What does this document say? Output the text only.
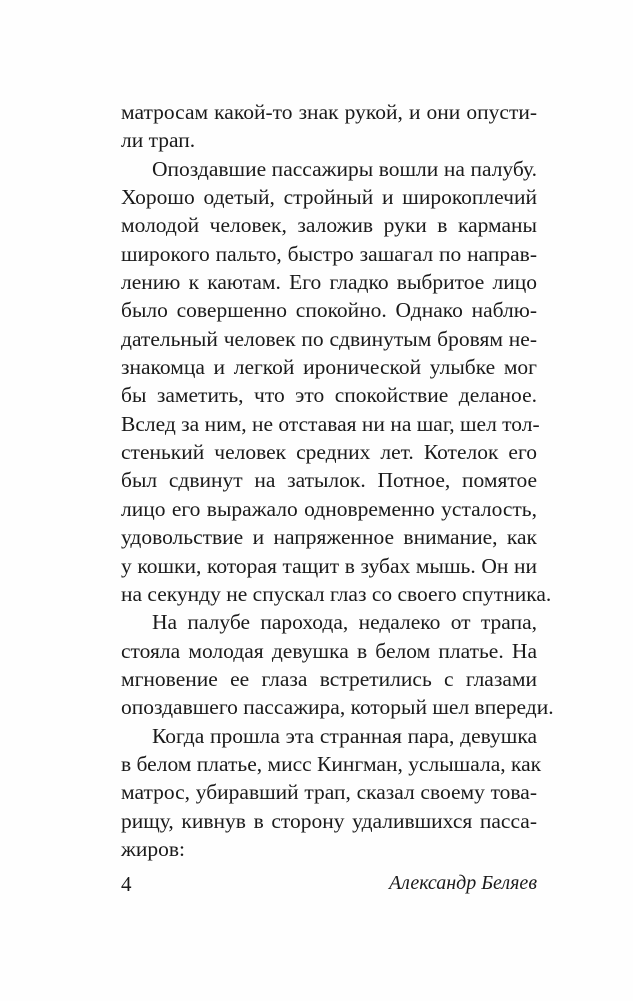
матросам какой-то знак рукой, и они опусти-
ли трап.
Опоздавшие пассажиры вошли на палубу.
Хорошо одетый, стройный и широкоплечий
молодой человек, заложив руки в карманы
широкого пальто, быстро зашагал по направ-
лению к каютам. Его гладко выбритое лицо
было совершенно спокойно. Однако наблю-
дательный человек по сдвинутым бровям не-
знакомца и легкой иронической улыбке мог
бы заметить, что это спокойствие деланое.
Вслед за ним, не отставая ни на шаг, шел тол-
стенький человек средних лет. Котелок его
был сдвинут на затылок. Потное, помятое
лицо его выражало одновременно усталость,
удовольствие и напряженное внимание, как
у кошки, которая тащит в зубах мышь. Он ни
на секунду не спускал глаз со своего спутника.
На палубе парохода, недалеко от трапа,
стояла молодая девушка в белом платье. На
мгновение ее глаза встретились с глазами
опоздавшего пассажира, который шел впереди.
Когда прошла эта странная пара, девушка
в белом платье, мисс Кингман, услышала, как
матрос, убиравший трап, сказал своему това-
рищу, кивнув в сторону удалившихся пасса-
жиров:
4	Александр Беляев
